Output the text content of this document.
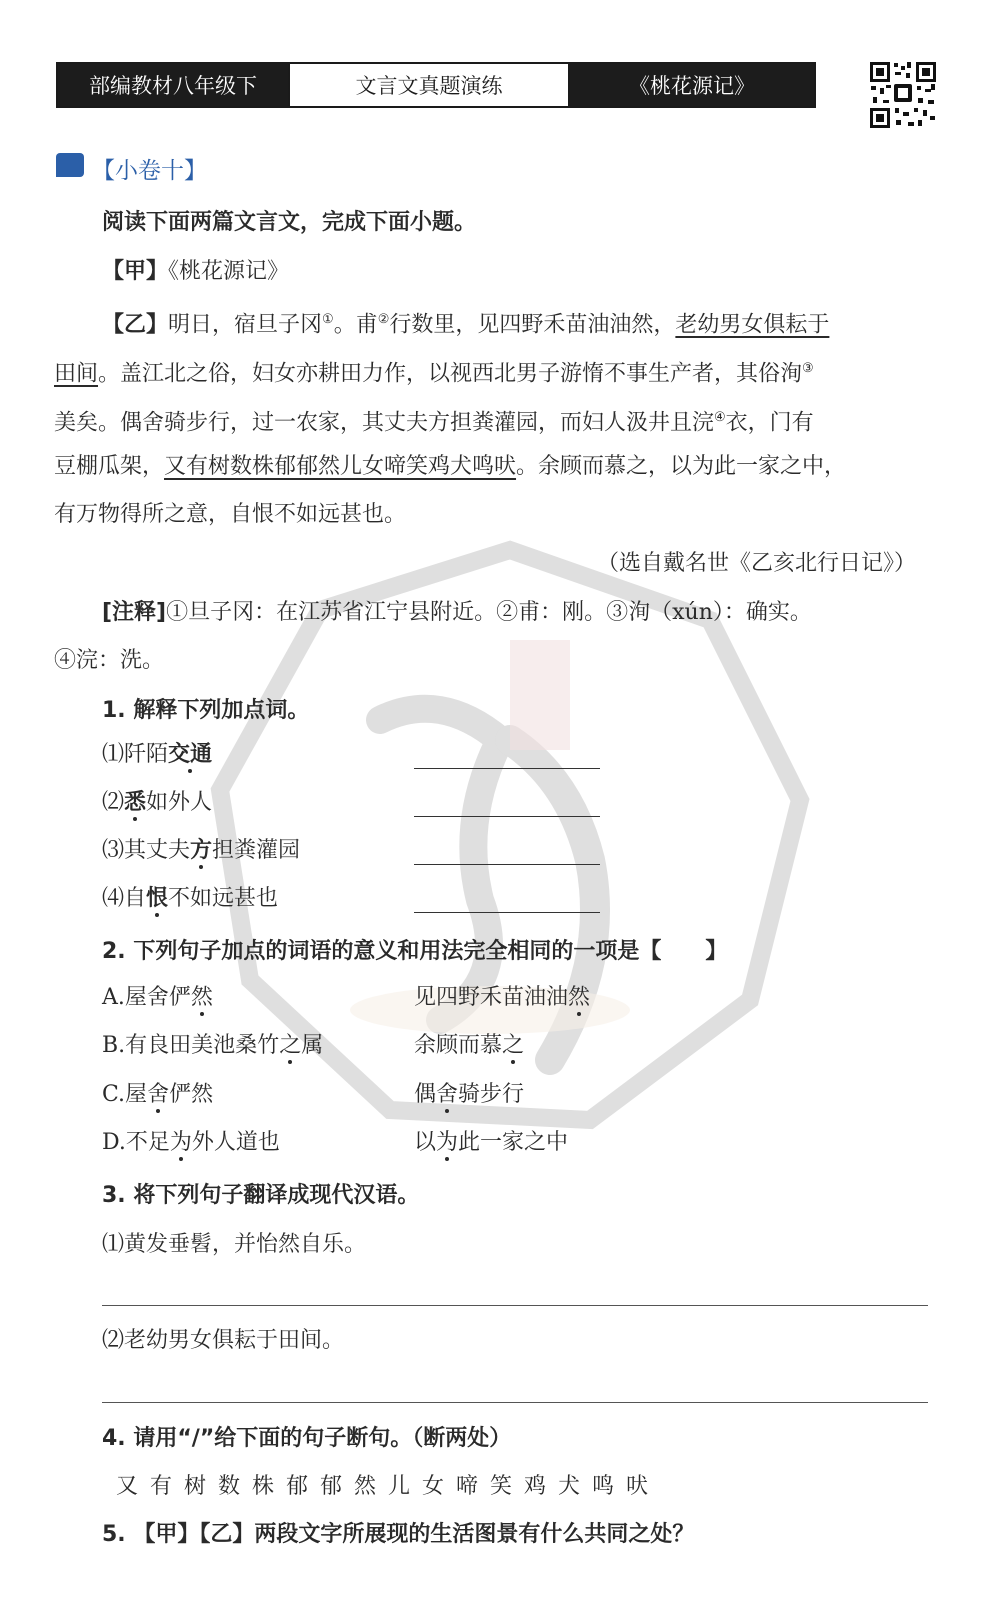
部编教材八年级下	文言文真题演练	《桃花源记》
【小卷十】
阅读下面两篇文言文，完成下面小题。
【甲】《桃花源记》
【乙】明日，宿旦子冈①。甫②行数里，见四野禾苗油油然，老幼男女俱耘于
田间。盖江北之俗，妇女亦耕田力作，以视西北男子游惰不事生产者，其俗洵③
美矣。偶舍骑步行，过一农家，其丈夫方担粪灌园，而妇人汲井且浣④衣，门有
豆棚瓜架，又有树数株郁郁然儿女啼笑鸡犬鸣吠。余顾而慕之，以为此一家之中，
有万物得所之意，自恨不如远甚也。
（选自戴名世《乙亥北行日记》）
[注释]①旦子冈：在江苏省江宁县附近。②甫：刚。③洵（xún）：确实。
④浣：洗。
1. 解释下列加点词。
⑴阡陌交通
⑵悉如外人
⑶其丈夫方担粪灌园
⑷自恨不如远甚也
2. 下列句子加点的词语的意义和用法完全相同的一项是【　　】
A.屋舍俨然	见四野禾苗油油然
B.有良田美池桑竹之属	余顾而慕之
C.屋舍俨然	偶舍骑步行
D.不足为外人道也	以为此一家之中
3. 将下列句子翻译成现代汉语。
⑴黄发垂髫，并怡然自乐。
⑵老幼男女俱耘于田间。
4. 请用“/”给下面的句子断句。（断两处）
又有树数株郁郁然儿女啼笑鸡犬鸣吠
5. 【甲】【乙】两段文字所展现的生活图景有什么共同之处？
